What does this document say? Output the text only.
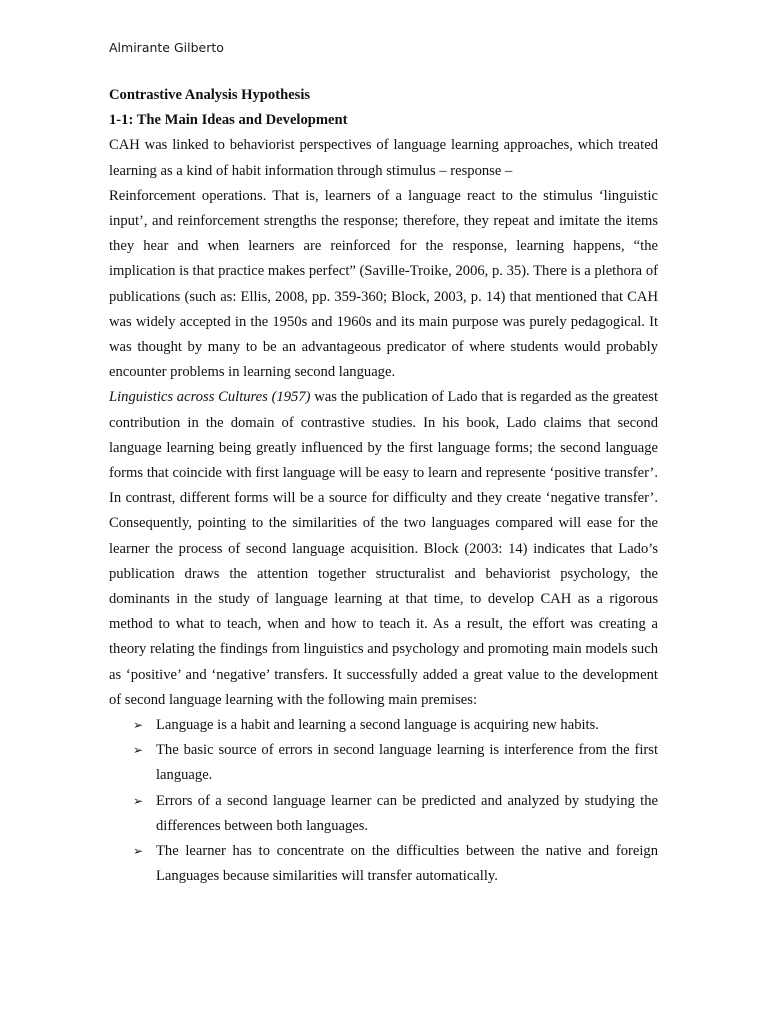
Almirante Gilberto

Contrastive Analysis Hypothesis

1-1: The Main Ideas and Development

CAH was linked to behaviorist perspectives of language learning approaches, which treated learning as a kind of habit information through stimulus – response –

Reinforcement operations. That is, learners of a language react to the stimulus ‘linguistic input’, and reinforcement strengths the response; therefore, they repeat and imitate the items they hear and when learners are reinforced for the response, learning happens, “the implication is that practice makes perfect” (Saville-Troike, 2006, p. 35). There is a plethora of publications (such as: Ellis, 2008, pp. 359-360; Block, 2003, p. 14) that mentioned that CAH was widely accepted in the 1950s and 1960s and its main purpose was purely pedagogical. It was thought by many to be an advantageous predicator of where students would probably encounter problems in learning second language.

Linguistics across Cultures (1957) was the publication of Lado that is regarded as the greatest contribution in the domain of contrastive studies. In his book, Lado claims that second language learning being greatly influenced by the first language forms; the second language forms that coincide with first language will be easy to learn and represente ‘positive transfer’. In contrast, different forms will be a source for difficulty and they create ‘negative transfer’. Consequently, pointing to the similarities of the two languages compared will ease for the learner the process of second language acquisition. Block (2003: 14) indicates that Lado’s publication draws the attention together structuralist and behaviorist psychology, the dominants in the study of language learning at that time, to develop CAH as a rigorous method to what to teach, when and how to teach it. As a result, the effort was creating a theory relating the findings from linguistics and psychology and promoting main models such as ‘positive’ and ‘negative’ transfers. It successfully added a great value to the development of second language learning with the following main premises:

➢ Language is a habit and learning a second language is acquiring new habits.
➢ The basic source of errors in second language learning is interference from the first language.
➢ Errors of a second language learner can be predicted and analyzed by studying the differences between both languages.
➢ The learner has to concentrate on the difficulties between the native and foreign Languages because similarities will transfer automatically.
